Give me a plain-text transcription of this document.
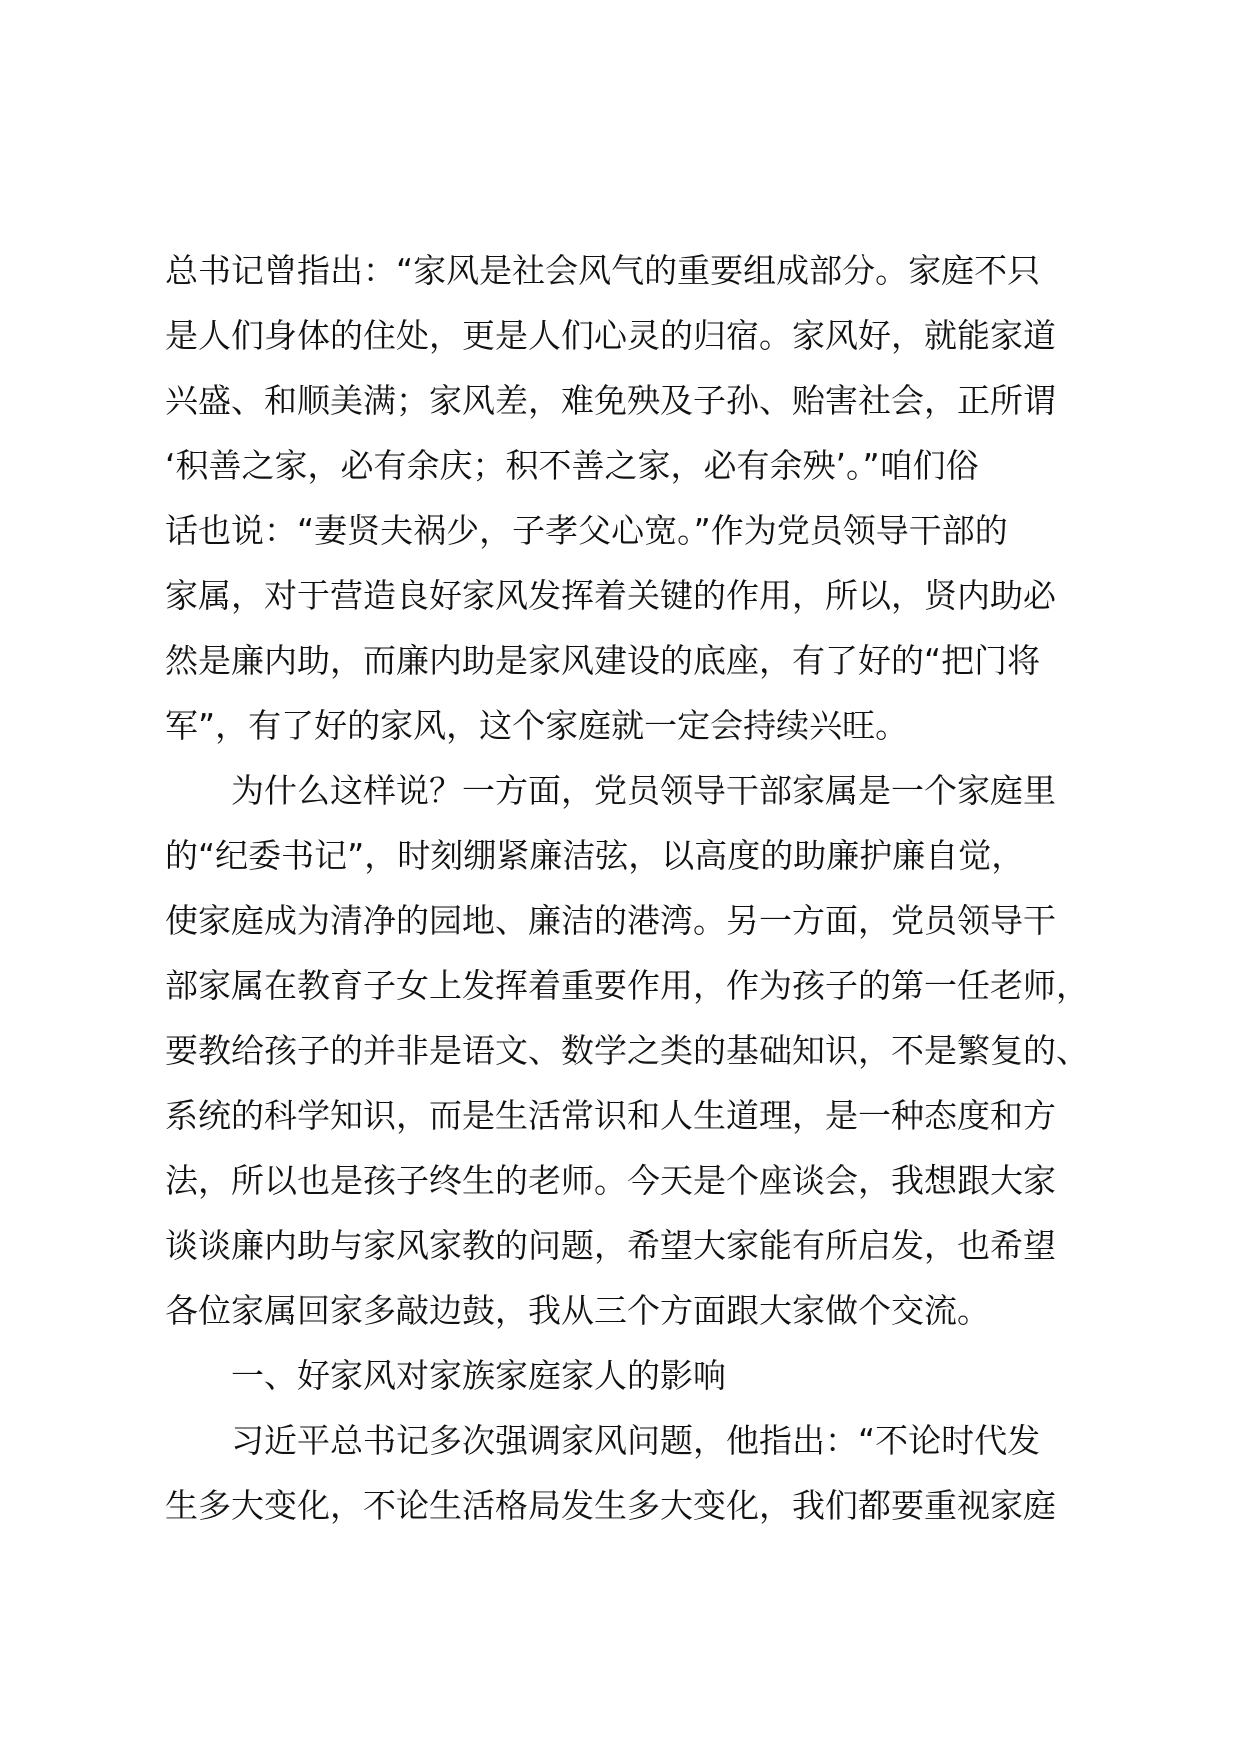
总书记曾指出：“家风是社会风气的重要组成部分。家庭不只
是人们身体的住处，更是人们心灵的归宿。家风好，就能家道
兴盛、和顺美满；家风差，难免殃及子孙、贻害社会，正所谓
‘积善之家，必有余庆；积不善之家，必有余殃’。”咱们俗
话也说：“妻贤夫祸少，子孝父心宽。”作为党员领导干部的
家属，对于营造良好家风发挥着关键的作用，所以，贤内助必
然是廉内助，而廉内助是家风建设的底座，有了好的“把门将
军”，有了好的家风，这个家庭就一定会持续兴旺。
为什么这样说？一方面，党员领导干部家属是一个家庭里
的“纪委书记”，时刻绷紧廉洁弦，以高度的助廉护廉自觉，
使家庭成为清净的园地、廉洁的港湾。另一方面，党员领导干
部家属在教育子女上发挥着重要作用，作为孩子的第一任老师，
要教给孩子的并非是语文、数学之类的基础知识，不是繁复的、
系统的科学知识，而是生活常识和人生道理，是一种态度和方
法，所以也是孩子终生的老师。今天是个座谈会，我想跟大家
谈谈廉内助与家风家教的问题，希望大家能有所启发，也希望
各位家属回家多敲边鼓，我从三个方面跟大家做个交流。
一、好家风对家族家庭家人的影响
习近平总书记多次强调家风问题，他指出：“不论时代发
生多大变化，不论生活格局发生多大变化，我们都要重视家庭
